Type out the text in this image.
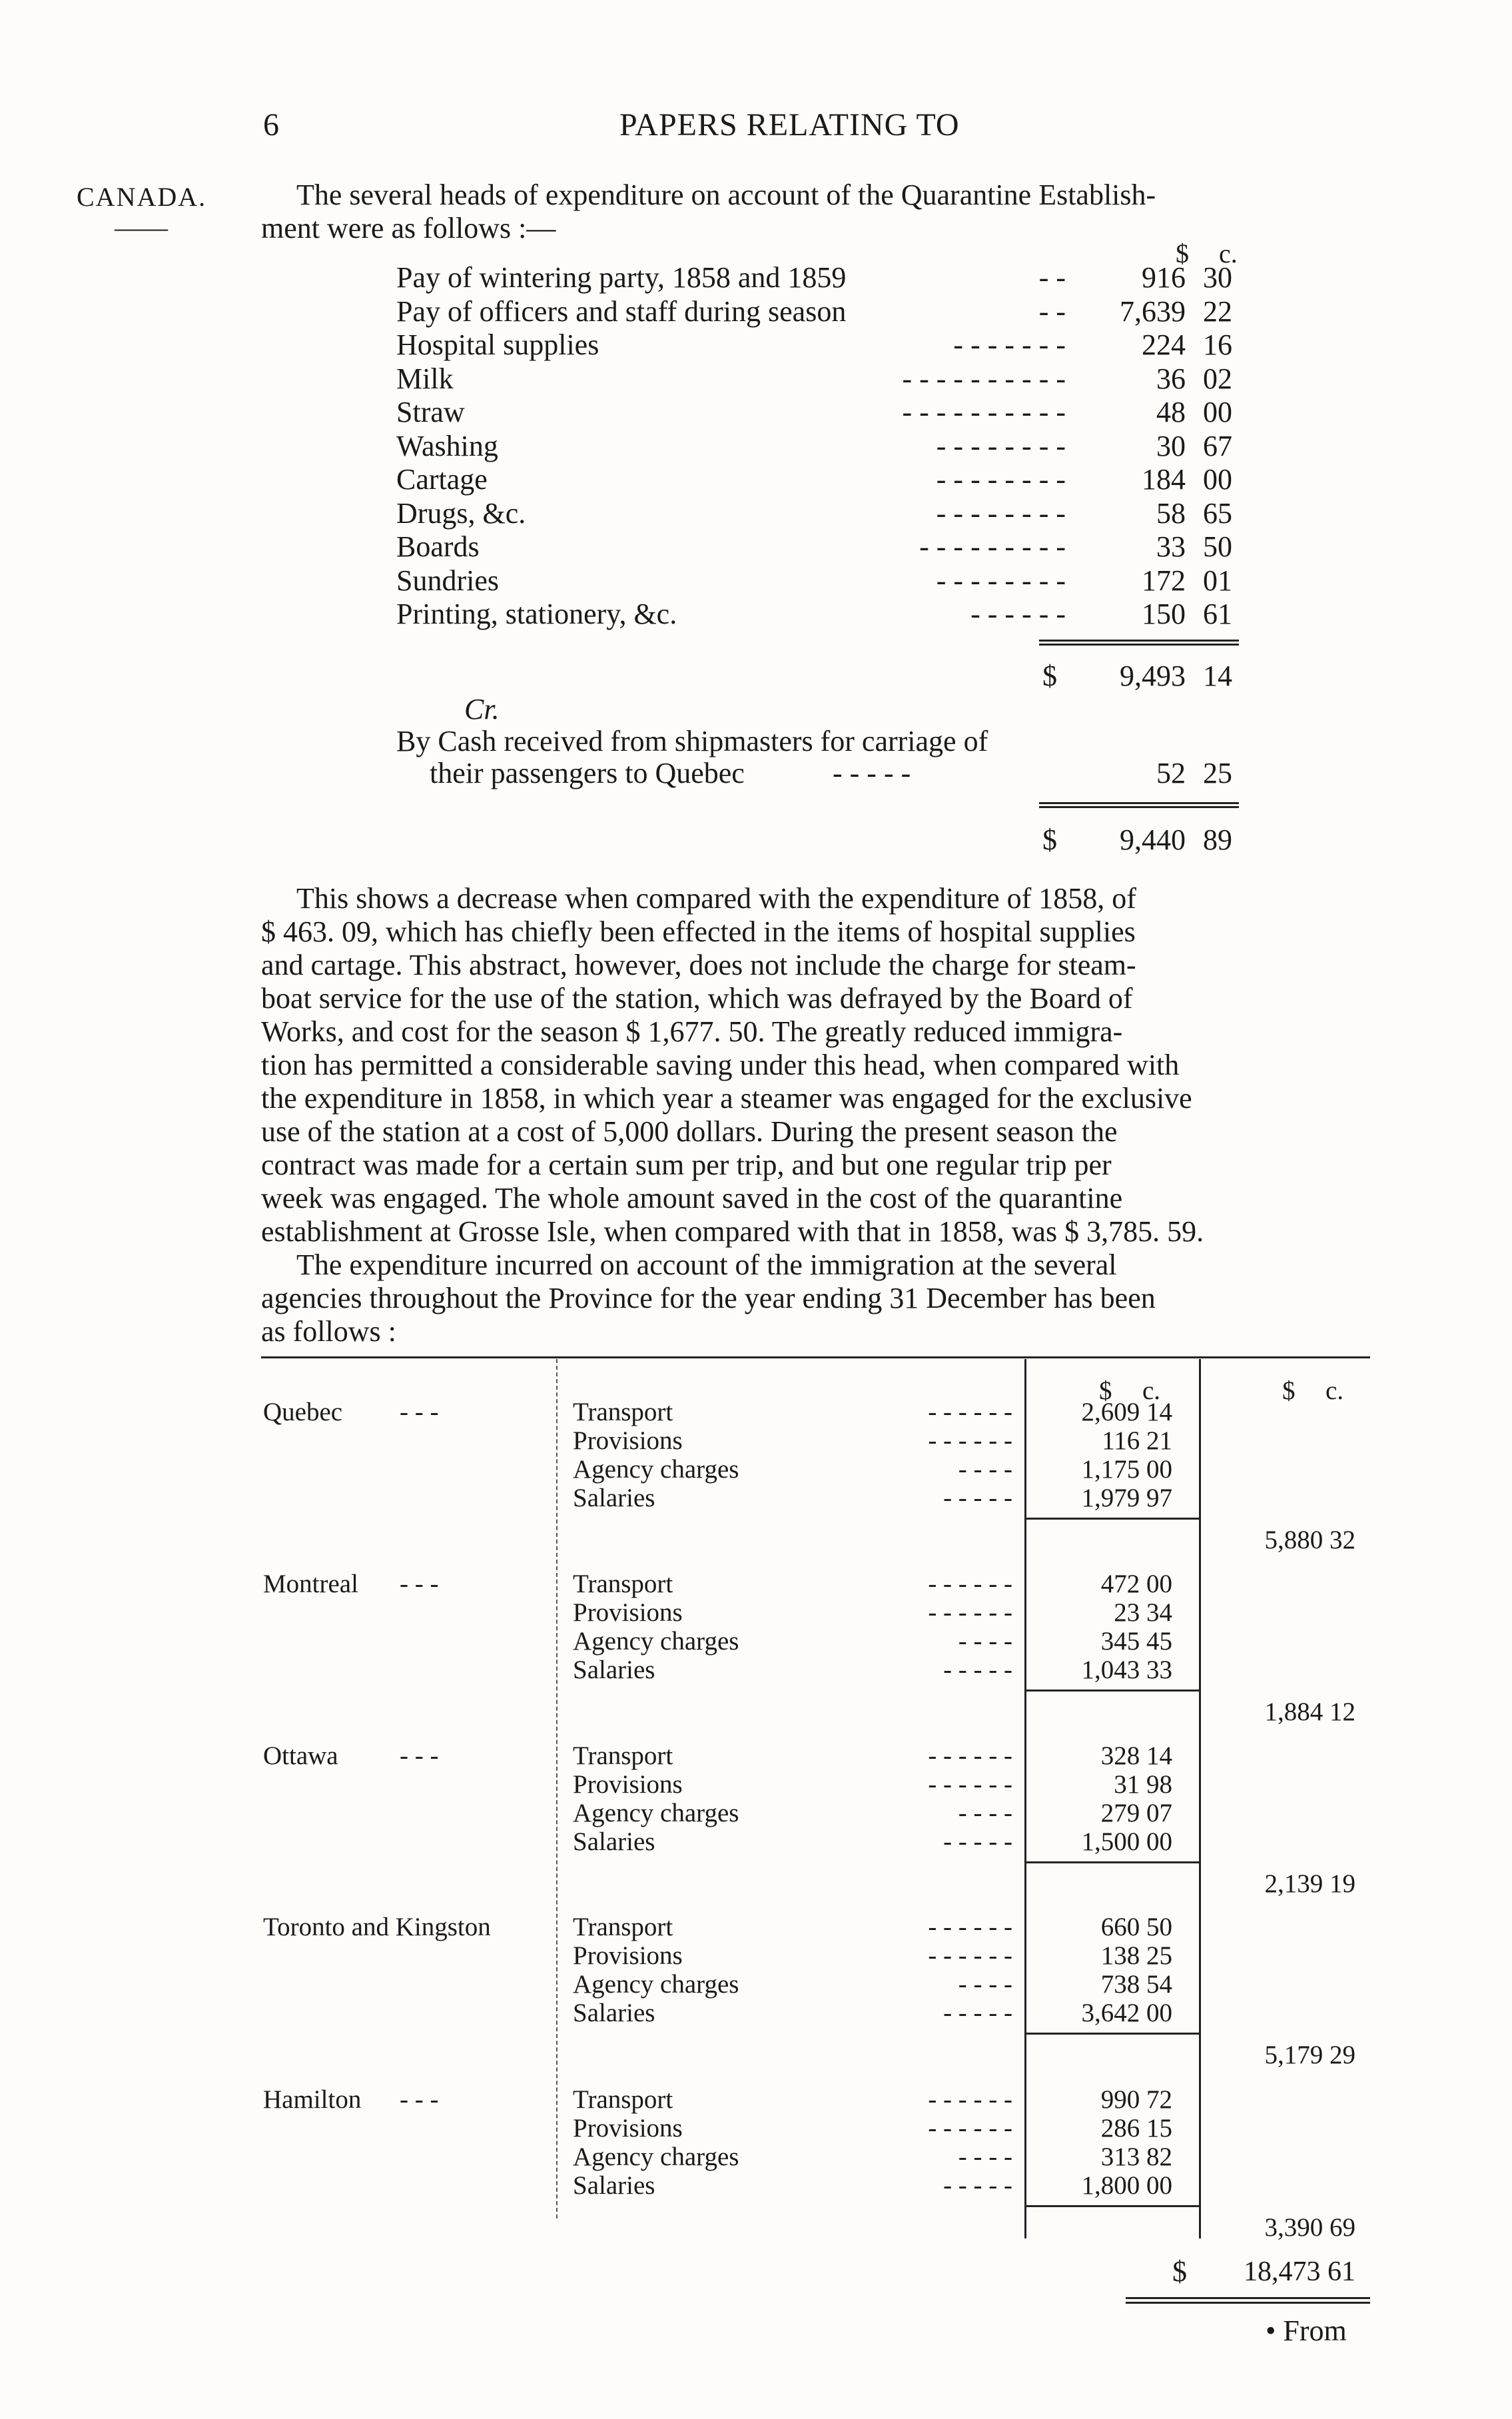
6	PAPERS RELATING TO
CANADA.
——
The several heads of expenditure on account of the Quarantine Establish-
ment were as follows :—
$ c.
Pay of wintering party, 1858 and 1859	- -	916 30
Pay of officers and staff during season	- -	7,639 22
Hospital supplies	- - - - - - -	224 16
Milk	- - - - - - - - - -	36 02
Straw	- - - - - - - - - -	48 00
Washing	- - - - - - - -	30 67
Cartage	- - - - - - - -	184 00
Drugs, &c.	- - - - - - - -	58 65
Boards	- - - - - - - - -	33 50
Sundries	- - - - - - - -	172 01
Printing, stationery, &c.	- - - - - -	150 61
$	9,493 14
Cr.
By Cash received from shipmasters for carriage of
their passengers to Quebec	- - - - -	52 25
$	9,440 89
This shows a decrease when compared with the expenditure of 1858, of
$ 463. 09, which has chiefly been effected in the items of hospital supplies
and cartage. This abstract, however, does not include the charge for steam-
boat service for the use of the station, which was defrayed by the Board of
Works, and cost for the season $ 1,677. 50. The greatly reduced immigra-
tion has permitted a considerable saving under this head, when compared with
the expenditure in 1858, in which year a steamer was engaged for the exclusive
use of the station at a cost of 5,000 dollars. During the present season the
contract was made for a certain sum per trip, and but one regular trip per
week was engaged. The whole amount saved in the cost of the quarantine
establishment at Grosse Isle, when compared with that in 1858, was $ 3,785. 59.
The expenditure incurred on account of the immigration at the several
agencies throughout the Province for the year ending 31 December has been
as follows :
$ c.	$ c.
Quebec - - -	Transport	- - - - - -	2,609 14
Provisions	- - - - - -	116 21
Agency charges	- - - -	1,175 00
Salaries	- - - - -	1,979 97
5,880 32
Montreal - - -	Transport	- - - - - -	472 00
Provisions	- - - - - -	23 34
Agency charges	- - - -	345 45
Salaries	- - - - -	1,043 33
1,884 12
Ottawa - - -	Transport	- - - - - -	328 14
Provisions	- - - - - -	31 98
Agency charges	- - - -	279 07
Salaries	- - - - -	1,500 00
2,139 19
Toronto and Kingston	Transport	- - - - - -	660 50
Provisions	- - - - - -	138 25
Agency charges	- - - -	738 54
Salaries	- - - - -	3,642 00
5,179 29
Hamilton - - -	Transport	- - - - - -	990 72
Provisions	- - - - - -	286 15
Agency charges	- - - -	313 82
Salaries	- - - - -	1,800 00
3,390 69
$	18,473 61
• From
